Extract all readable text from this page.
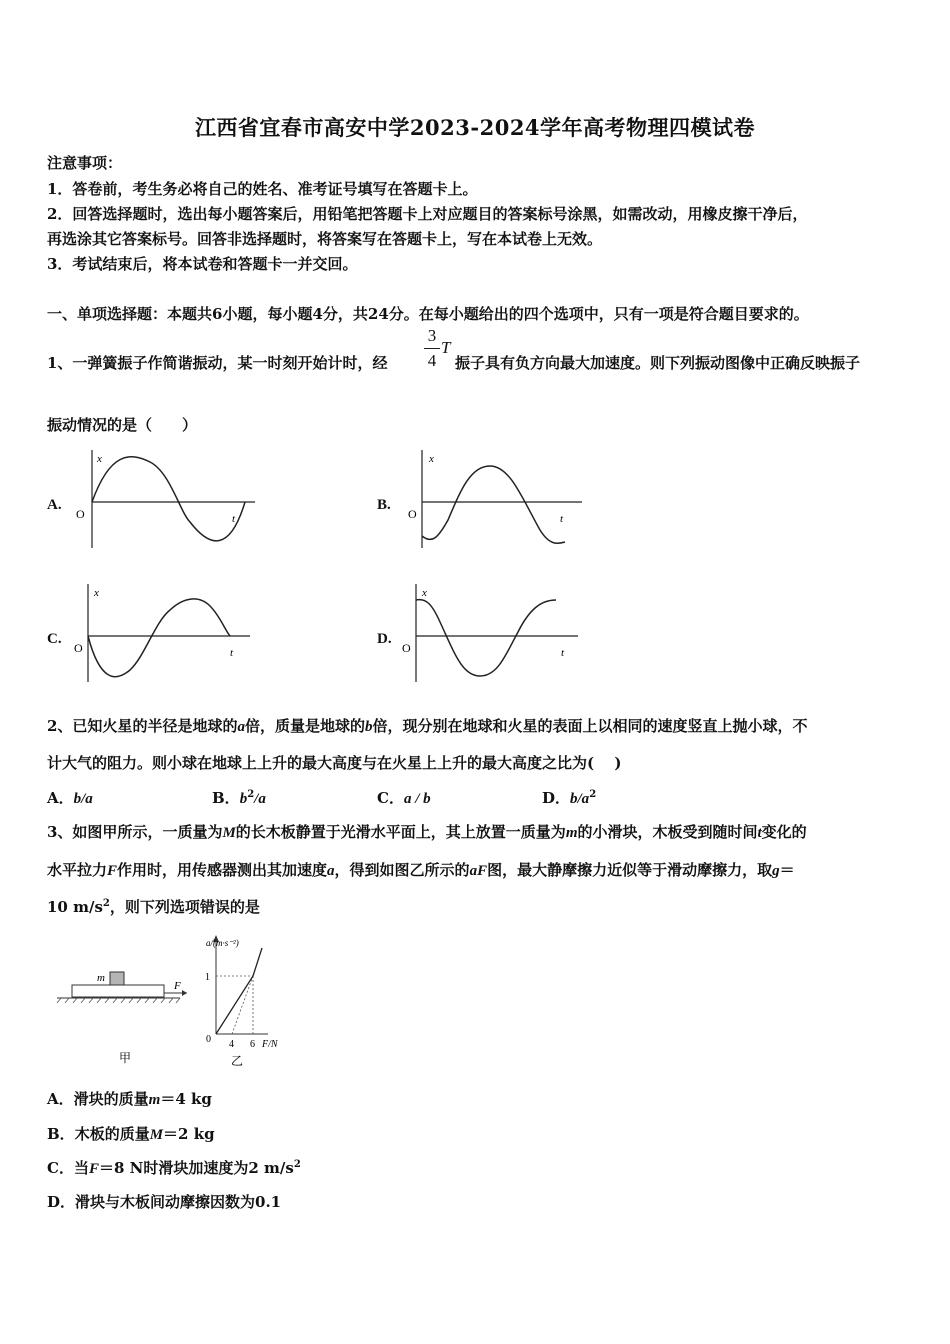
江西省宜春市高安中学2023-2024学年高考物理四模试卷
注意事项：
1．答卷前，考生务必将自己的姓名、准考证号填写在答题卡上。
2．回答选择题时，选出每小题答案后，用铅笔把答题卡上对应题目的答案标号涂黑，如需改动，用橡皮擦干净后，
再选涂其它答案标号。回答非选择题时，将答案写在答题卡上，写在本试卷上无效。
3．考试结束后，将本试卷和答题卡一并交回。
一、单项选择题：本题共6小题，每小题4分，共24分。在每小题给出的四个选项中，只有一项是符合题目要求的。
1、一弹簧振子作简谐振动，某一时刻开始计时，经
3
4
T
振子具有负方向最大加速度。则下列振动图像中正确反映振子
振动情况的是（　　）
A.	B.
C.	D.
x
t
O
x
t
O
x
t
O
x
t
O
2、已知火星的半径是地球的a倍，质量是地球的b倍，现分别在地球和火星的表面上以相同的速度竖直上抛小球，不
计大气的阻力。则小球在地球上上升的最大高度与在火星上上升的最大高度之比为(　 )
A．b/a	B．$b^2/a$	C．a / b	D．$b/a^2$
3、如图甲所示，一质量为M的长木板静置于光滑水平面上，其上放置一质量为m的小滑块，木板受到随时间t变化的
水平拉力F作用时，用传感器测出其加速度a，得到如图乙所示的aF图，最大静摩擦力近似等于滑动摩擦力，取g＝
10 $m/s^2$，则下列选项错误的是
m
F
甲
a/(m·s⁻²)
1
0 4 6 F/N
乙
A．滑块的质量m＝4 kg
B．木板的质量M＝2 kg
C．当F＝8 N时滑块加速度为2 $m/s^2$
D．滑块与木板间动摩擦因数为0.1
